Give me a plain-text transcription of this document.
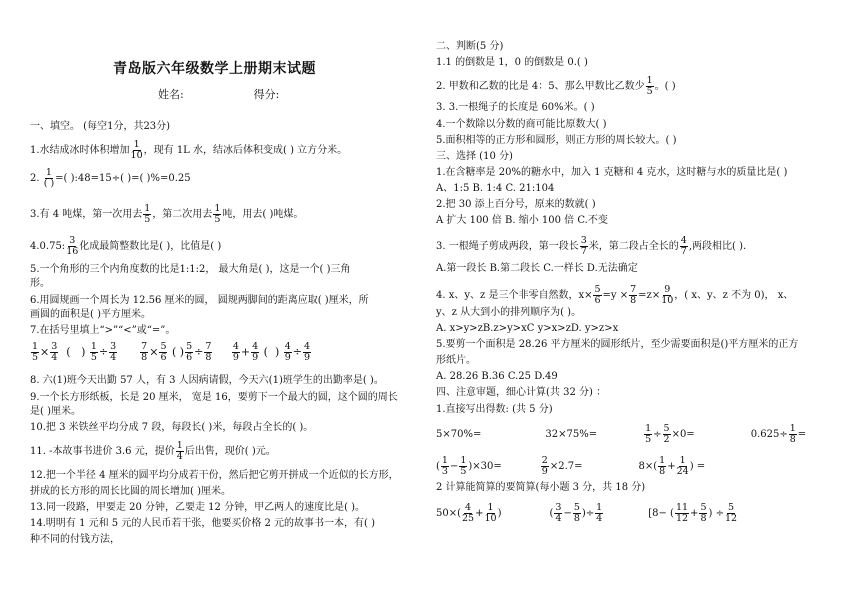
青岛版六年级数学上册期末试题
姓名:                    得分:
一、填空。 (每空1分，共23分)
1.水结成冰时体积增加 $\frac{1}{10}$ ，现有 1L 水，结冰后体积变成( ) 立方分米。
2. $\frac{1}{( )}$ =( ):48=15÷( )=( )%=0.25
3.有 4 吨煤，第一次用去 $\frac{1}{5}$ ，第二次用去 $\frac{1}{5}$ 吨，用去( )吨煤。
4.0.75: $\frac{3}{16}$ 化成最简整数比是( )，比值是( )
5.一个角形的三个内角度数的比是1:1:2， 最大角是( )，这是一个( )三角
形。
6.用圆规画一个周长为 12.56 厘米的圆， 圆规两脚间的距离应取( )厘米，所
画圆的面积是( )平方厘米。
7.在括号里填上“>”“<”或“=”。
$\frac{1}{5} \times \frac{3}{4}$ (   ) $\frac{1}{5} \div \frac{3}{4}$
$\frac{7}{8} \times \frac{5}{6}$ ( ) $\frac{5}{6} \div \frac{7}{8}$
$\frac{4}{9} + \frac{4}{9}$ (  ) $\frac{4}{9} \div \frac{4}{9}$
8. 六(1)班今天出勤 57 人，有 3 人因病请假，今天六(1)班学生的出勤率是( )。
9.一个长方形纸板，长是 20 厘米， 宽是 16，要剪下一个最大的圆，这个圆的周长
是( )厘米。
10.把 3 米铁丝平均分成 7 段，每段长( )米，每段占全长的( )。
11. -本故事书进价 3.6 元，提价 $\frac{1}{4}$ 后出售，现价( )元。
12.把一个半径 4 厘米的圆平均分成若干份，然后把它剪开拼成一个近似的长方形，
拼成的长方形的周长比圆的周长增加( )厘米。
13.同一段路，甲要走 20 分钟，乙要走 12 分钟，甲乙两人的速度比是( )。
14.明明有 1 元和 5 元的人民币若干张，他要买价格 2 元的故事书一本，有( )
种不同的付钱方法，
二、判断(5 分)
1.1 的倒数是 1，0 的倒数是 0.( )
2. 甲数和乙数的比是 4：5、那么甲数比乙数少 $\frac{1}{5}$ 。( )
3. 3.一根绳子的长度是 60%米。( )
4.一个数除以分数的商可能比原数大( )
5.面积相等的正方形和圆形，则正方形的周长较大。( )
三、选择 (10 分)
1.在含糖率是 20%的糖水中，加入 1 克糖和 4 克水，这时糖与水的质量比是( )
A、1:5 B. 1:4 C. 21:104
2.把 30 添上百分号，原来的数就( )
A 扩大 100 倍 B. 缩小 100 倍 C.不变
3. 一根绳子剪成两段，第一段长 $\frac{3}{7}$ 米，第二段占全长的 $\frac{4}{7}$ ,两段相比( ).
A.第一段长 B.第二段长 C.一样长 D.无法确定
4. x、y、z 是三个非零自然数，$x\times \frac{5}{6} =y \times \frac{7}{8} =z\times \frac{9}{10}$ ，( x、y、z 不为 0)， x、
y、z 从大到小的排列顺序为( )。
A. x>y>zB.z>y>xC y>x>zD. y>z>x
5.要剪一个面积是 28.26 平方厘米的圆形纸片，至少需要面积是()平方厘米的正方
形纸片。
A. 28.26 B.36 C.25 D.49
四、注意审题，细心计算(共 32 分) ：
1.直接写出得数: (共 5 分)
5×70%=	32×75%=	$\frac{1}{5} \div \frac{5}{2} \times 0=$	$0.625\div \frac{1}{8}$ =
( $\frac{1}{3} - \frac{1}{5} )\times 30=$	$\frac{2}{9} \times 2.7=$	$8\times( \frac{1}{8} + \frac{1}{24}$ ) =
2 计算能简算的要简算(每小题 3 分，共 18 分)
$50\times( \frac{4}{25} + \frac{1}{10}$ )	( $\frac{3}{4} - \frac{5}{8}$ )÷ $\frac{1}{4}$	[8− ( $\frac{11}{12} + \frac{5}{8}$ ) ÷ $\frac{5}{12}$
